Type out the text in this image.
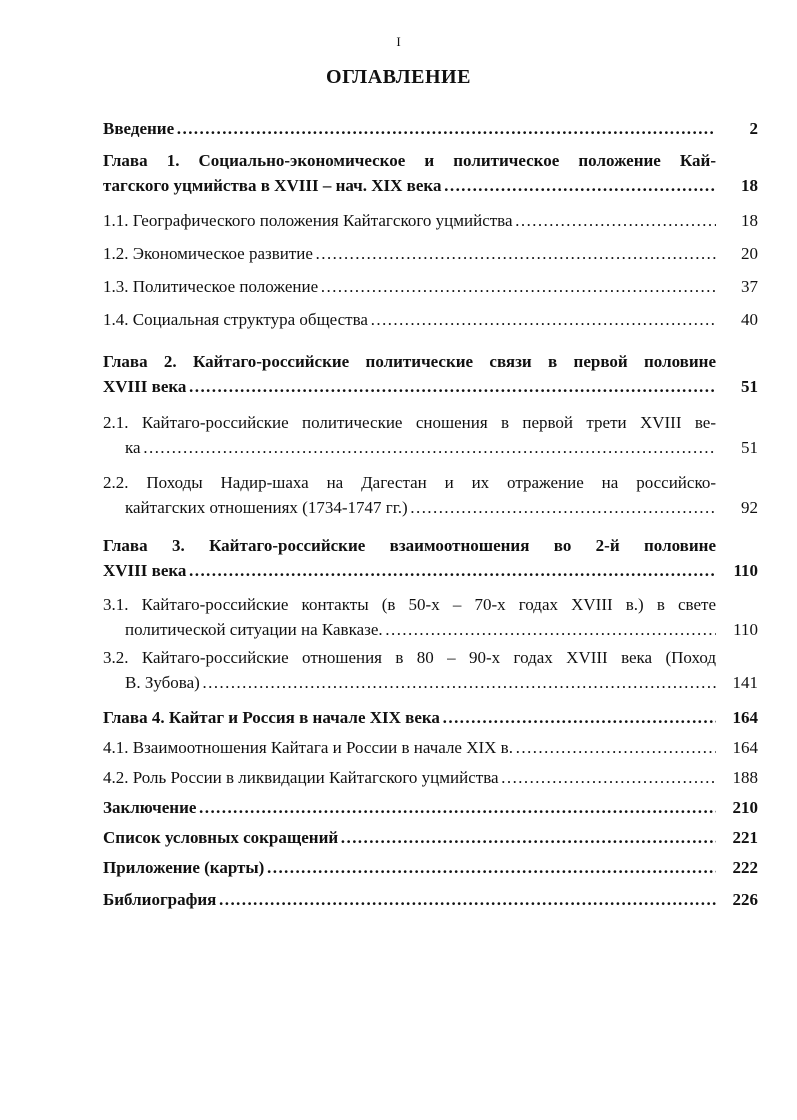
I
ОГЛАВЛЕНИЕ
Введение ………………………………………………………………………………………………………………………………………………………………………………………………	2
Глава 1. Социально-экономическое и политическое положение Кай-
тагского уцмийства в XVIII – нач. XIX века ………………………………………………………………………………………………………………………………………………………………………………………………	18
1.1. Географического положения Кайтагского уцмийства ………………………………………………………………………………………………………………………………………………………………………………………………	18
1.2. Экономическое развитие ………………………………………………………………………………………………………………………………………………………………………………………………	20
1.3. Политическое положение ………………………………………………………………………………………………………………………………………………………………………………………………	37
1.4. Социальная структура общества ………………………………………………………………………………………………………………………………………………………………………………………………	40
Глава 2. Кайтаго-российские политические связи в первой половине
XVIII века ………………………………………………………………………………………………………………………………………………………………………………………………	51
2.1. Кайтаго-российские политические сношения в первой трети XVIII ве-
ка ………………………………………………………………………………………………………………………………………………………………………………………………	51
2.2. Походы Надир-шаха на Дагестан и их отражение на российско-
кайтагских отношениях (1734-1747 гг.) ………………………………………………………………………………………………………………………………………………………………………………………………	92
Глава 3. Кайтаго-российские взаимоотношения во 2-й половине
XVIII века ………………………………………………………………………………………………………………………………………………………………………………………………	110
3.1. Кайтаго-российские контакты (в 50-х – 70-х годах XVIII в.) в свете
политической ситуации на Кавказе. ………………………………………………………………………………………………………………………………………………………………………………………………	110
3.2. Кайтаго-российские отношения в 80 – 90-х годах XVIII века (Поход
В. Зубова) ………………………………………………………………………………………………………………………………………………………………………………………………	141
Глава 4. Кайтаг и Россия в начале XIX века ………………………………………………………………………………………………………………………………………………………………………………………………	164
4.1. Взаимоотношения Кайтага и России в начале XIX в. ………………………………………………………………………………………………………………………………………………………………………………………………	164
4.2. Роль России в ликвидации Кайтагского уцмийства ………………………………………………………………………………………………………………………………………………………………………………………………	188
Заключение ………………………………………………………………………………………………………………………………………………………………………………………………	210
Список условных сокращений ………………………………………………………………………………………………………………………………………………………………………………………………	221
Приложение (карты) ………………………………………………………………………………………………………………………………………………………………………………………………	222
Библиография ………………………………………………………………………………………………………………………………………………………………………………………………	226
